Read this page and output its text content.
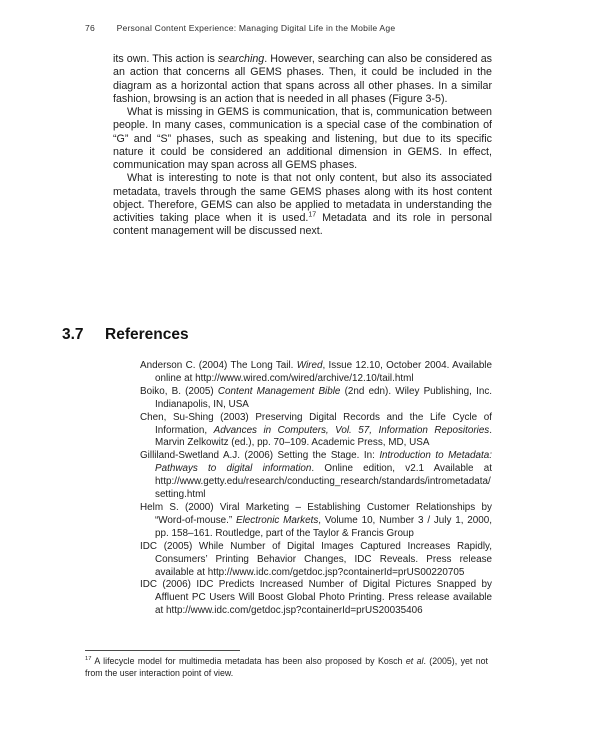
76	Personal Content Experience: Managing Digital Life in the Mobile Age

its own. This action is searching. However, searching can also be considered as an action that concerns all GEMS phases. Then, it could be included in the diagram as a horizontal action that spans across all other phases. In a similar fashion, browsing is an action that is needed in all phases (Figure 3-5).

What is missing in GEMS is communication, that is, communication between people. In many cases, communication is a special case of the combination of “G” and “S” phases, such as speaking and listening, but due to its specific nature it could be considered an additional dimension in GEMS. In effect, communication may span across all GEMS phases.

What is interesting to note is that not only content, but also its associated metadata, travels through the same GEMS phases along with its host content object. Therefore, GEMS can also be applied to metadata in understanding the activities taking place when it is used.$^{17}$ Metadata and its role in personal content management will be discussed next.

3.7 References

Anderson C. (2004) The Long Tail. Wired, Issue 12.10, October 2004. Available online at http://www.wired.com/wired/archive/12.10/tail.html

Boiko, B. (2005) Content Management Bible (2nd edn). Wiley Publishing, Inc. Indianapolis, IN, USA

Chen, Su-Shing (2003) Preserving Digital Records and the Life Cycle of Information, Advances in Computers, Vol. 57, Information Repositories. Marvin Zelkowitz (ed.), pp. 70–109. Academic Press, MD, USA

Gilliland-Swetland A.J. (2006) Setting the Stage. In: Introduction to Metadata: Pathways to digital information. Online edition, v2.1 Available at http://www.getty.edu/research/conducting_research/standards/intrometadata/setting.html

Helm S. (2000) Viral Marketing – Establishing Customer Relationships by “Word-of-mouse.” Electronic Markets, Volume 10, Number 3 / July 1, 2000, pp. 158–161. Routledge, part of the Taylor & Francis Group

IDC (2005) While Number of Digital Images Captured Increases Rapidly, Consumers’ Printing Behavior Changes, IDC Reveals. Press release available at http://www.idc.com/getdoc.jsp?containerId=prUS00220705

IDC (2006) IDC Predicts Increased Number of Digital Pictures Snapped by Affluent PC Users Will Boost Global Photo Printing. Press release available at http://www.idc.com/getdoc.jsp?containerId=prUS20035406

$^{17}$ A lifecycle model for multimedia metadata has been also proposed by Kosch et al. (2005), yet not from the user interaction point of view.
